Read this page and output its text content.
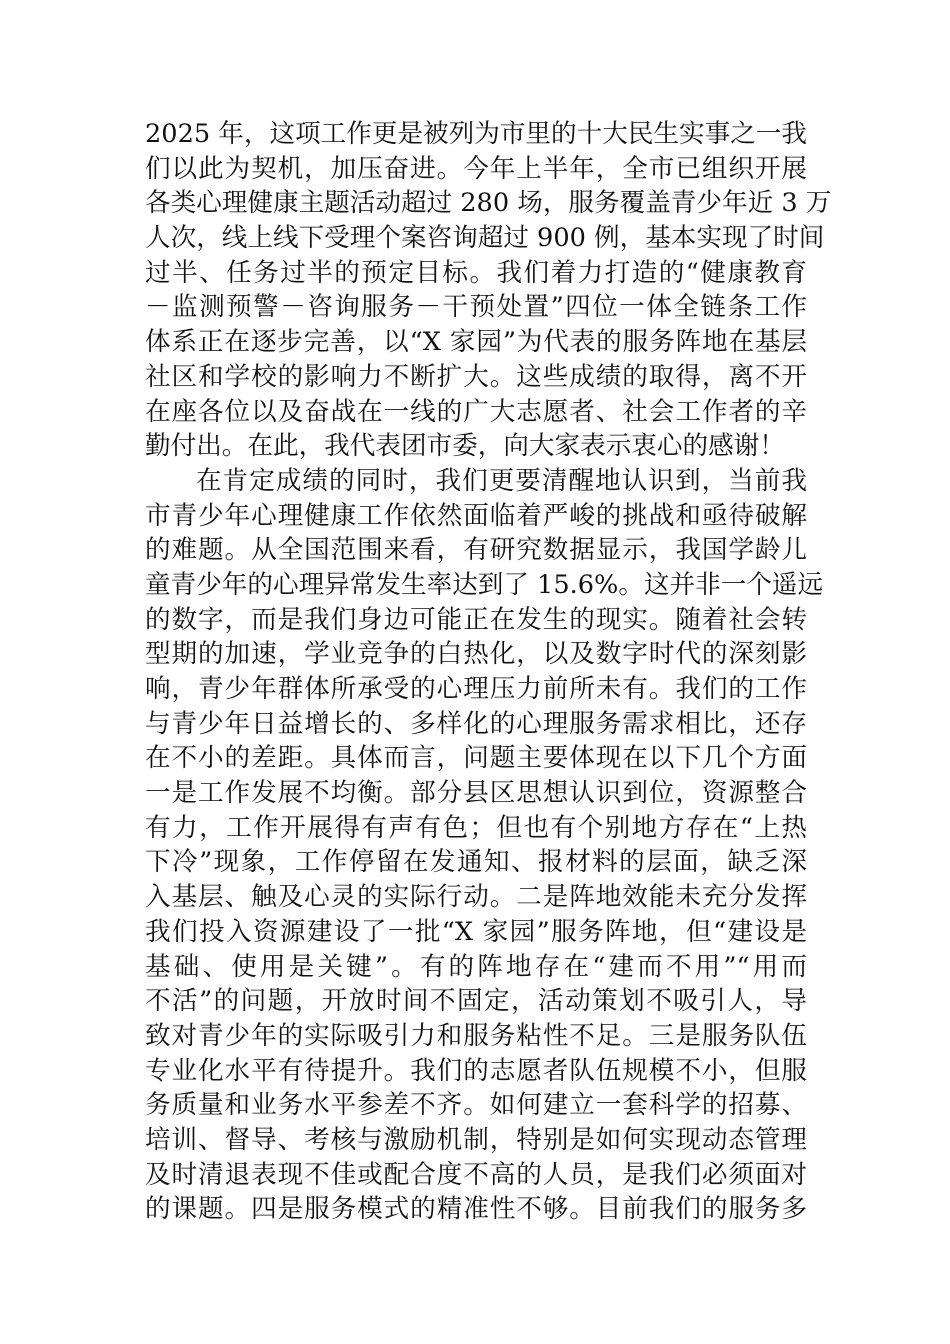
2025 年，这项工作更是被列为市里的十大民生实事之一我
们以此为契机，加压奋进。今年上半年，全市已组织开展
各类心理健康主题活动超过 280 场，服务覆盖青少年近 3 万
人次，线上线下受理个案咨询超过 900 例，基本实现了时间
过半、任务过半的预定目标。我们着力打造的“健康教育
－监测预警－咨询服务－干预处置”四位一体全链条工作
体系正在逐步完善，以“X 家园”为代表的服务阵地在基层
社区和学校的影响力不断扩大。这些成绩的取得，离不开
在座各位以及奋战在一线的广大志愿者、社会工作者的辛
勤付出。在此，我代表团市委，向大家表示衷心的感谢！
在肯定成绩的同时，我们更要清醒地认识到，当前我
市青少年心理健康工作依然面临着严峻的挑战和亟待破解
的难题。从全国范围来看，有研究数据显示，我国学龄儿
童青少年的心理异常发生率达到了 15.6%。这并非一个遥远
的数字，而是我们身边可能正在发生的现实。随着社会转
型期的加速，学业竞争的白热化，以及数字时代的深刻影
响，青少年群体所承受的心理压力前所未有。我们的工作
与青少年日益增长的、多样化的心理服务需求相比，还存
在不小的差距。具体而言，问题主要体现在以下几个方面
一是工作发展不均衡。部分县区思想认识到位，资源整合
有力，工作开展得有声有色；但也有个别地方存在“上热
下冷”现象，工作停留在发通知、报材料的层面，缺乏深
入基层、触及心灵的实际行动。二是阵地效能未充分发挥
我们投入资源建设了一批“X 家园”服务阵地，但“建设是
基础、使用是关键”。有的阵地存在“建而不用”“用而
不活”的问题，开放时间不固定，活动策划不吸引人，导
致对青少年的实际吸引力和服务粘性不足。三是服务队伍
专业化水平有待提升。我们的志愿者队伍规模不小，但服
务质量和业务水平参差不齐。如何建立一套科学的招募、
培训、督导、考核与激励机制，特别是如何实现动态管理
及时清退表现不佳或配合度不高的人员，是我们必须面对
的课题。四是服务模式的精准性不够。目前我们的服务多
